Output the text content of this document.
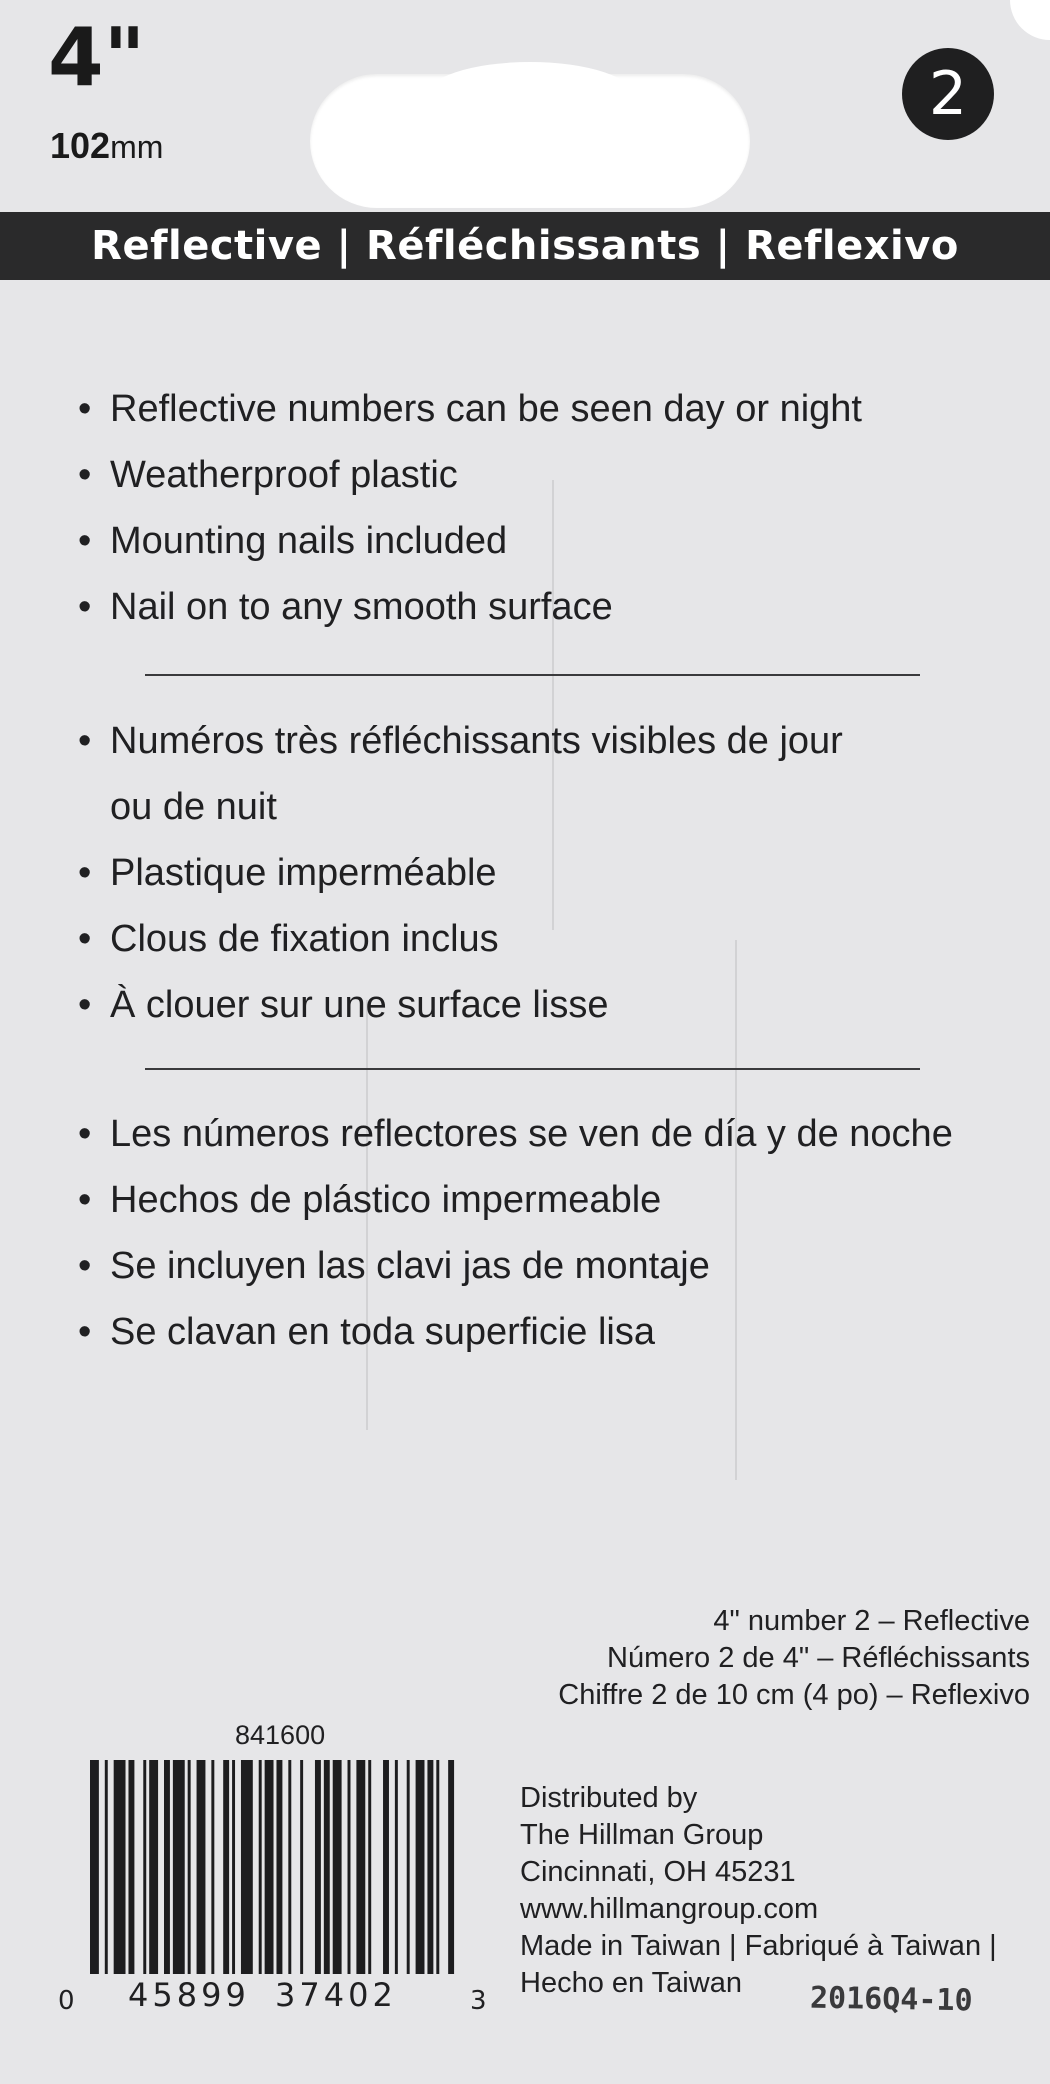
4"
102mm
2
Reflective | Réfléchissants | Reflexivo
• Reflective numbers can be seen day or night
• Weatherproof plastic
• Mounting nails included
• Nail on to any smooth surface
• Numéros très réfléchissants visibles de jour
ou de nuit
• Plastique imperméable
• Clous de fixation inclus
• À clouer sur une surface lisse
• Les números reflectores se ven de día y de noche
• Hechos de plástico impermeable
• Se incluyen las clavi jas de montaje
• Se clavan en toda superficie lisa
4" number 2 – Reflective
Número 2 de 4" – Réfléchissants
Chiffre 2 de 10 cm (4 po) – Reflexivo
841600
0 45899 37402	3
Distributed by
The Hillman Group
Cincinnati, OH 45231
www.hillmangroup.com
Made in Taiwan | Fabriqué à Taiwan |
Hecho en Taiwan	2016Q4-10
